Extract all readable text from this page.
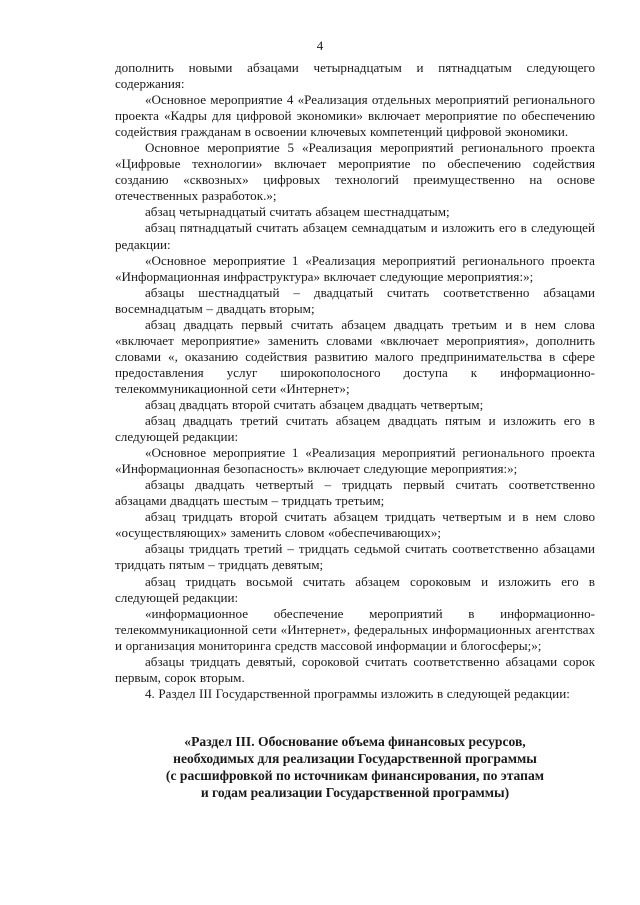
4

дополнить новыми абзацами четырнадцатым и пятнадцатым следующего содержания:

«Основное мероприятие 4 «Реализация отдельных мероприятий регионального проекта «Кадры для цифровой экономики» включает мероприятие по обеспечению содействия гражданам в освоении ключевых компетенций цифровой экономики.

Основное мероприятие 5 «Реализация мероприятий регионального проекта «Цифровые технологии» включает мероприятие по обеспечению содействия созданию «сквозных» цифровых технологий преимущественно на основе отечественных разработок.»;

абзац четырнадцатый считать абзацем шестнадцатым;

абзац пятнадцатый считать абзацем семнадцатым и изложить его в следующей редакции:

«Основное мероприятие 1 «Реализация мероприятий регионального проекта «Информационная инфраструктура» включает следующие мероприятия:»;

абзацы шестнадцатый – двадцатый считать соответственно абзацами восемнадцатым – двадцать вторым;

абзац двадцать первый считать абзацем двадцать третьим и в нем слова «включает мероприятие» заменить словами «включает мероприятия», дополнить словами «, оказанию содействия развитию малого предпринимательства в сфере предоставления услуг широкополосного доступа к информационно-телекоммуникационной сети «Интернет»;

абзац двадцать второй считать абзацем двадцать четвертым;

абзац двадцать третий считать абзацем двадцать пятым и изложить его в следующей редакции:

«Основное мероприятие 1 «Реализация мероприятий регионального проекта «Информационная безопасность» включает следующие мероприятия:»;

абзацы двадцать четвертый – тридцать первый считать соответственно абзацами двадцать шестым – тридцать третьим;

абзац тридцать второй считать абзацем тридцать четвертым и в нем слово «осуществляющих» заменить словом «обеспечивающих»;

абзацы тридцать третий – тридцать седьмой считать соответственно абзацами тридцать пятым – тридцать девятым;

абзац тридцать восьмой считать абзацем сороковым и изложить его в следующей редакции:

«информационное обеспечение мероприятий в информационно-телекоммуникационной сети «Интернет», федеральных информационных агентствах и организация мониторинга средств массовой информации и блогосферы;»;

абзацы тридцать девятый, сороковой считать соответственно абзацами сорок первым, сорок вторым.

4. Раздел III Государственной программы изложить в следующей редакции:

«Раздел III. Обоснование объема финансовых ресурсов,
необходимых для реализации Государственной программы
(с расшифровкой по источникам финансирования, по этапам
и годам реализации Государственной программы)
